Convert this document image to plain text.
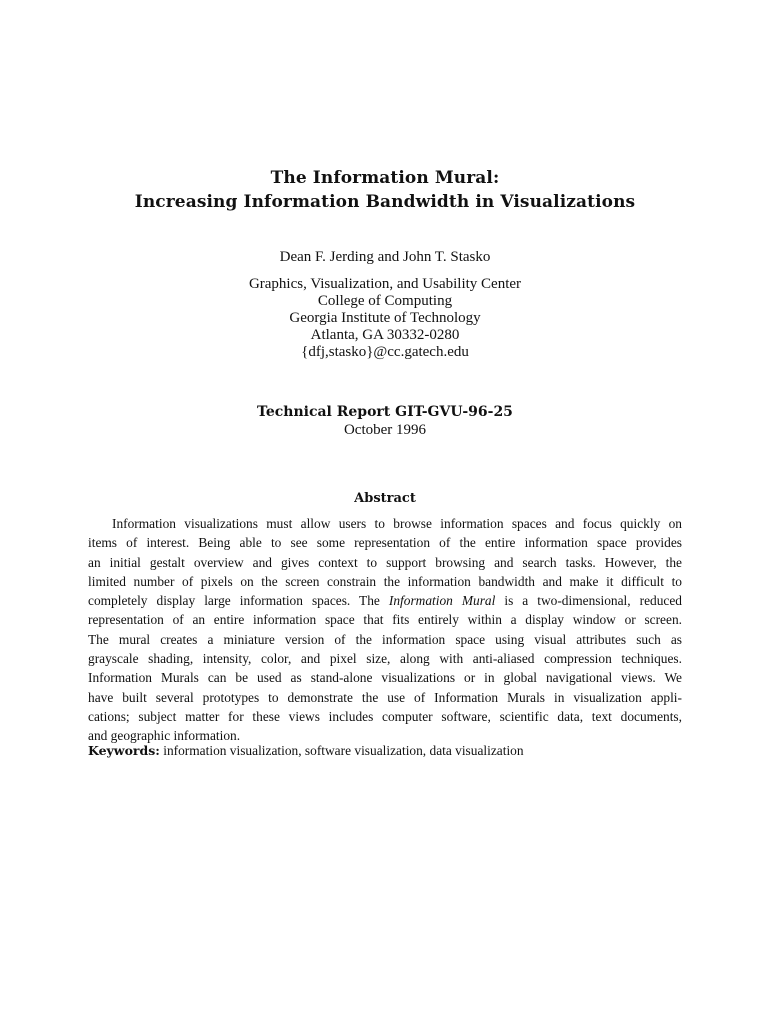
The Information Mural:
Increasing Information Bandwidth in Visualizations
Dean F. Jerding and John T. Stasko
Graphics, Visualization, and Usability Center
College of Computing
Georgia Institute of Technology
Atlanta, GA 30332-0280
{dfj,stasko}@cc.gatech.edu
Technical Report GIT-GVU-96-25
October 1996
Abstract
Information visualizations must allow users to browse information spaces and focus quickly on
items of interest. Being able to see some representation of the entire information space provides
an initial gestalt overview and gives context to support browsing and search tasks. However, the
limited number of pixels on the screen constrain the information bandwidth and make it difficult to
completely display large information spaces. The Information Mural is a two-dimensional, reduced
representation of an entire information space that fits entirely within a display window or screen.
The mural creates a miniature version of the information space using visual attributes such as
grayscale shading, intensity, color, and pixel size, along with anti-aliased compression techniques.
Information Murals can be used as stand-alone visualizations or in global navigational views. We
have built several prototypes to demonstrate the use of Information Murals in visualization appli-
cations; subject matter for these views includes computer software, scientific data, text documents,
and geographic information.
Keywords: information visualization, software visualization, data visualization
